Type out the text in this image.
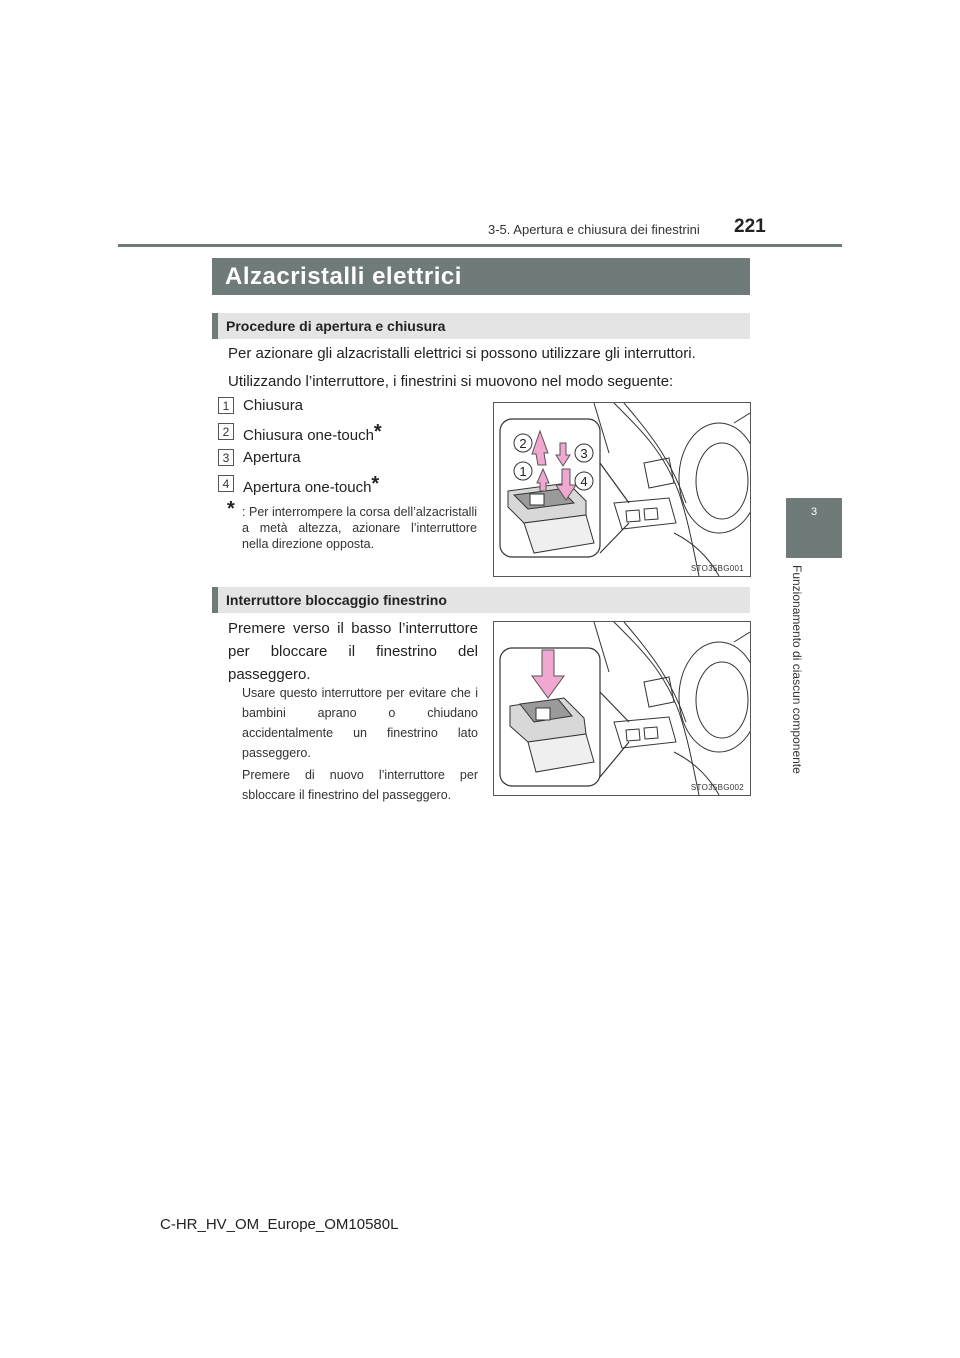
3-5. Apertura e chiusura dei finestrini 221
3
Funzionamento di ciascun componente
Alzacristalli elettrici
Procedure di apertura e chiusura
Per azionare gli alzacristalli elettrici si possono utilizzare gli interruttori.
Utilizzando l’interruttore, i finestrini si muovono nel modo seguente:
1 Chiusura
2 Chiusura one-touch*
3 Apertura
4 Apertura one-touch*
* : Per interrompere la corsa dell’alzacristalli a metà altezza, azionare l’interruttore nella direzione opposta.
2
3
1
4
STO35BG001
Interruttore bloccaggio finestrino
Premere verso il basso l’interruttore per bloccare il finestrino del passeggero.
Usare questo interruttore per evitare che i bambini aprano o chiudano accidentalmente un finestrino lato passeggero.
Premere di nuovo l’interruttore per sbloccare il finestrino del passeggero.
STO35BG002
C-HR_HV_OM_Europe_OM10580L
